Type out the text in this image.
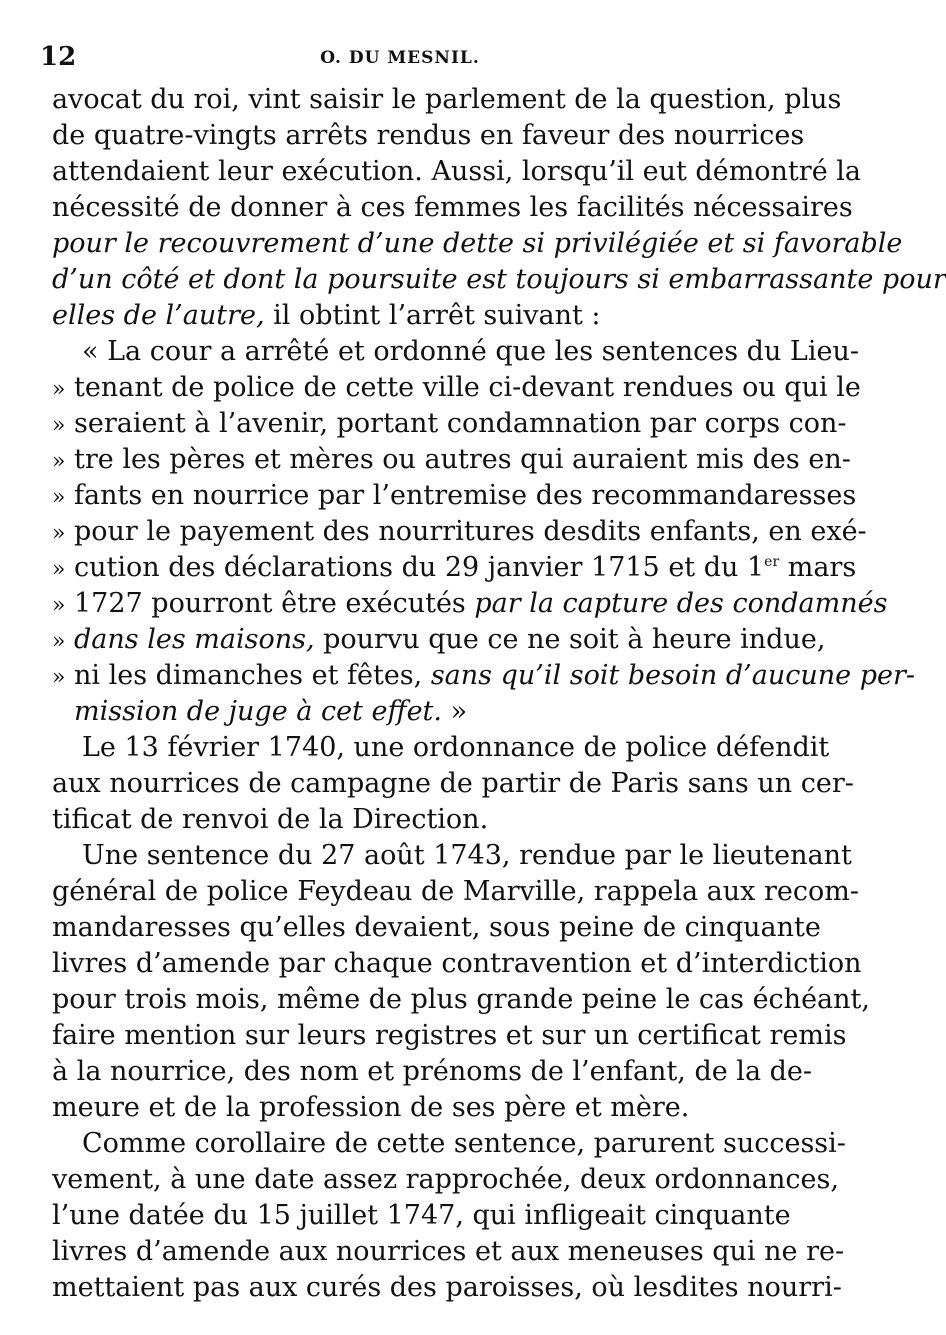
12	O. DU MESNIL.
avocat du roi, vint saisir le parlement de la question, plus
de quatre-vingts arrêts rendus en faveur des nourrices
attendaient leur exécution. Aussi, lorsqu’il eut démontré la
nécessité de donner à ces femmes les facilités nécessaires
pour le recouvrement d’une dette si privilégiée et si favorable
d’un côté et dont la poursuite est toujours si embarrassante pour
elles de l’autre, il obtint l’arrêt suivant :
« La cour a arrêté et ordonné que les sentences du Lieu-
» tenant de police de cette ville ci-devant rendues ou qui le
» seraient à l’avenir, portant condamnation par corps con-
» tre les pères et mères ou autres qui auraient mis des en-
» fants en nourrice par l’entremise des recommandaresses
» pour le payement des nourritures desdits enfants, en exé-
» cution des déclarations du 29 janvier 1715 et du 1er mars
» 1727 pourront être exécutés par la capture des condamnés
» dans les maisons, pourvu que ce ne soit à heure indue,
» ni les dimanches et fêtes, sans qu’il soit besoin d’aucune per-
mission de juge à cet effet. »
Le 13 février 1740, une ordonnance de police défendit
aux nourrices de campagne de partir de Paris sans un cer-
tificat de renvoi de la Direction.
Une sentence du 27 août 1743, rendue par le lieutenant
général de police Feydeau de Marville, rappela aux recom-
mandaresses qu’elles devaient, sous peine de cinquante
livres d’amende par chaque contravention et d’interdiction
pour trois mois, même de plus grande peine le cas échéant,
faire mention sur leurs registres et sur un certificat remis
à la nourrice, des nom et prénoms de l’enfant, de la de-
meure et de la profession de ses père et mère.
Comme corollaire de cette sentence, parurent successi-
vement, à une date assez rapprochée, deux ordonnances,
l’une datée du 15 juillet 1747, qui infligeait cinquante
livres d’amende aux nourrices et aux meneuses qui ne re-
mettaient pas aux curés des paroisses, où lesdites nourri-
